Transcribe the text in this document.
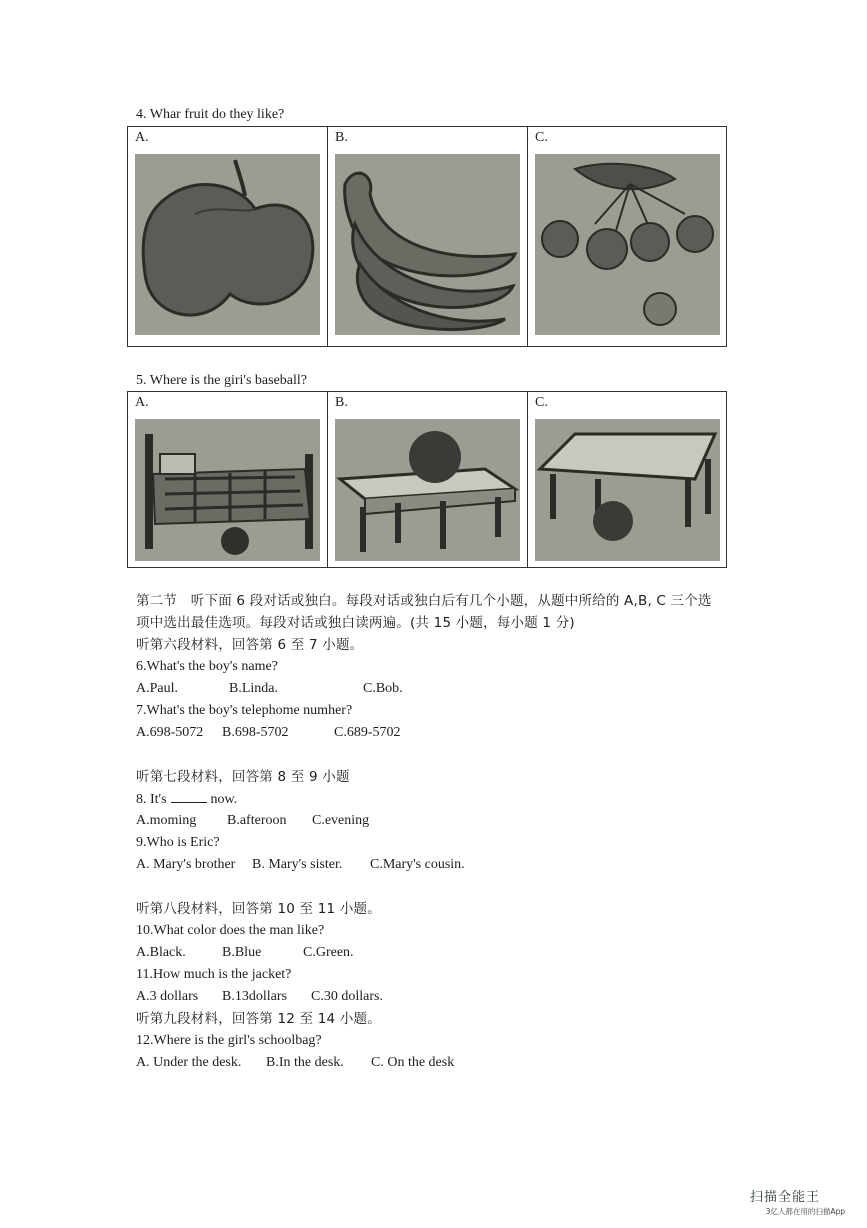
4. Whar fruit do they like?
A.	B.	C.
5. Where is the giri's baseball?
A.	B.	C.
第二节　听下面 6 段对话或独白。每段对话或独白后有几个小题，从题中所给的 A,B, C 三个选
项中选出最佳选项。每段对话或独白读两遍。(共 15 小题，每小题 1 分)
听第六段材料，回答第 6 至 7 小题。
6.What's the boy's name?
A.Paul.	B.Linda.	C.Bob.
7.What's the boy's telephome numher?
A.698-5072 B.698-5702	C.689-5702
听第七段材料，回答第 8 至 9 小题
8. It's	now.
A.moming B.afteroon C.evening
9.Who is Eric?
A. Mary's brother B. Mary's sister. C.Mary's cousin.
听第八段材料，回答第 10 至 11 小题。
10.What color does the man like?
A.Black.	B.Blue	C.Green.
11.How much is the jacket?
A.3 dollars B.13dollars C.30 dollars.
听第九段材料，回答第 12 至 14 小题。
12.Where is the girl's schoolbag?
A. Under the desk. B.In the desk. C. On the desk
扫描全能王
3亿人都在用的扫描App
